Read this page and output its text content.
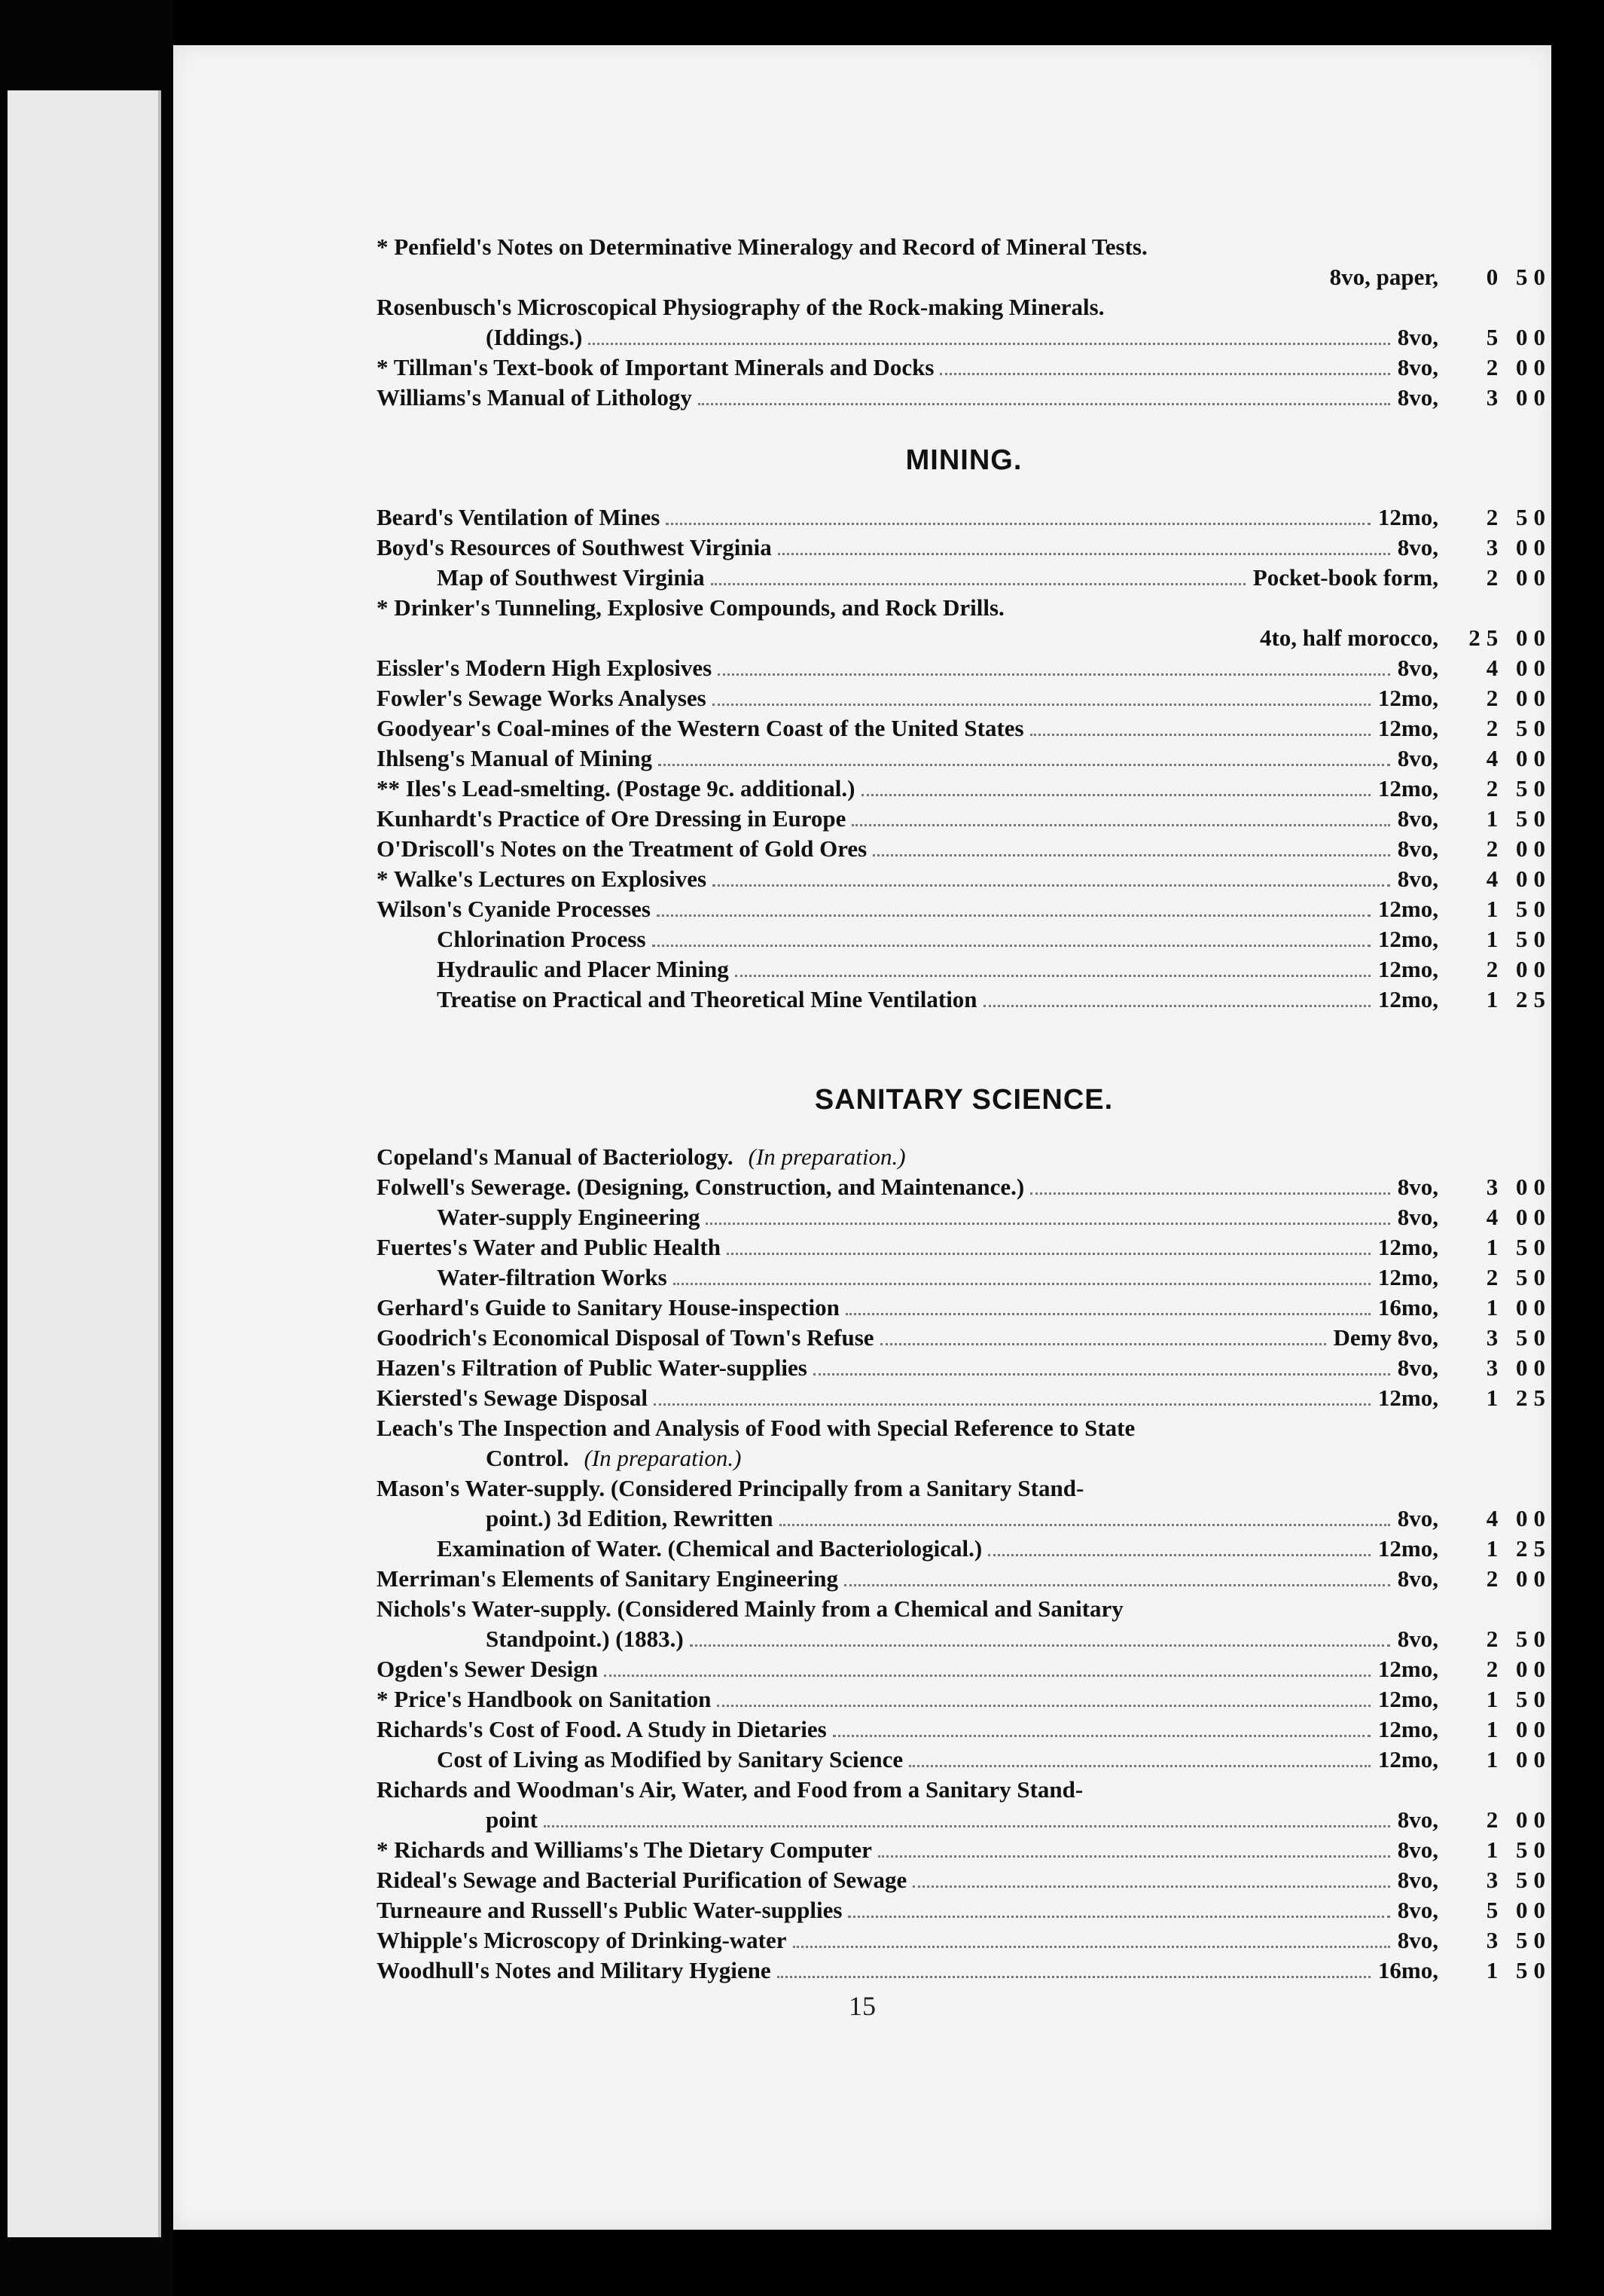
* Penfield's Notes on Determinative Mineralogy and Record of Mineral Tests.
8vo, paper,	0 50
Rosenbusch's Microscopical Physiography of the Rock-making Minerals.
(Iddings.)	8vo,	5 00
* Tillman's Text-book of Important Minerals and Docks	8vo,	2 00
Williams's Manual of Lithology	8vo,	3 00
MINING.
Beard's Ventilation of Mines	12mo,	2 50
Boyd's Resources of Southwest Virginia	8vo,	3 00
Map of Southwest Virginia	Pocket-book form,	2 00
* Drinker's Tunneling, Explosive Compounds, and Rock Drills.
4to, half morocco,	25 00
Eissler's Modern High Explosives	8vo,	4 00
Fowler's Sewage Works Analyses	12mo,	2 00
Goodyear's Coal-mines of the Western Coast of the United States	12mo,	2 50
Ihlseng's Manual of Mining	8vo,	4 00
** Iles's Lead-smelting. (Postage 9c. additional.)	12mo,	2 50
Kunhardt's Practice of Ore Dressing in Europe	8vo,	1 50
O'Driscoll's Notes on the Treatment of Gold Ores	8vo,	2 00
* Walke's Lectures on Explosives	8vo,	4 00
Wilson's Cyanide Processes	12mo,	1 50
Chlorination Process	12mo,	1 50
Hydraulic and Placer Mining	12mo,	2 00
Treatise on Practical and Theoretical Mine Ventilation	12mo,	1 25
SANITARY SCIENCE.
Copeland's Manual of Bacteriology. (In preparation.)
Folwell's Sewerage. (Designing, Construction, and Maintenance.)	8vo,	3 00
Water-supply Engineering	8vo,	4 00
Fuertes's Water and Public Health	12mo,	1 50
Water-filtration Works	12mo,	2 50
Gerhard's Guide to Sanitary House-inspection	16mo,	1 00
Goodrich's Economical Disposal of Town's Refuse	Demy 8vo,	3 50
Hazen's Filtration of Public Water-supplies	8vo,	3 00
Kiersted's Sewage Disposal	12mo,	1 25
Leach's The Inspection and Analysis of Food with Special Reference to State
Control. (In preparation.)
Mason's Water-supply. (Considered Principally from a Sanitary Stand-
point.) 3d Edition, Rewritten	8vo,	4 00
Examination of Water. (Chemical and Bacteriological.)	12mo,	1 25
Merriman's Elements of Sanitary Engineering	8vo,	2 00
Nichols's Water-supply. (Considered Mainly from a Chemical and Sanitary
Standpoint.) (1883.)	8vo,	2 50
Ogden's Sewer Design	12mo,	2 00
* Price's Handbook on Sanitation	12mo,	1 50
Richards's Cost of Food. A Study in Dietaries	12mo,	1 00
Cost of Living as Modified by Sanitary Science	12mo,	1 00
Richards and Woodman's Air, Water, and Food from a Sanitary Stand-
point	8vo,	2 00
* Richards and Williams's The Dietary Computer	8vo,	1 50
Rideal's Sewage and Bacterial Purification of Sewage	8vo,	3 50
Turneaure and Russell's Public Water-supplies	8vo,	5 00
Whipple's Microscopy of Drinking-water	8vo,	3 50
Woodhull's Notes and Military Hygiene	16mo,	1 50
15
